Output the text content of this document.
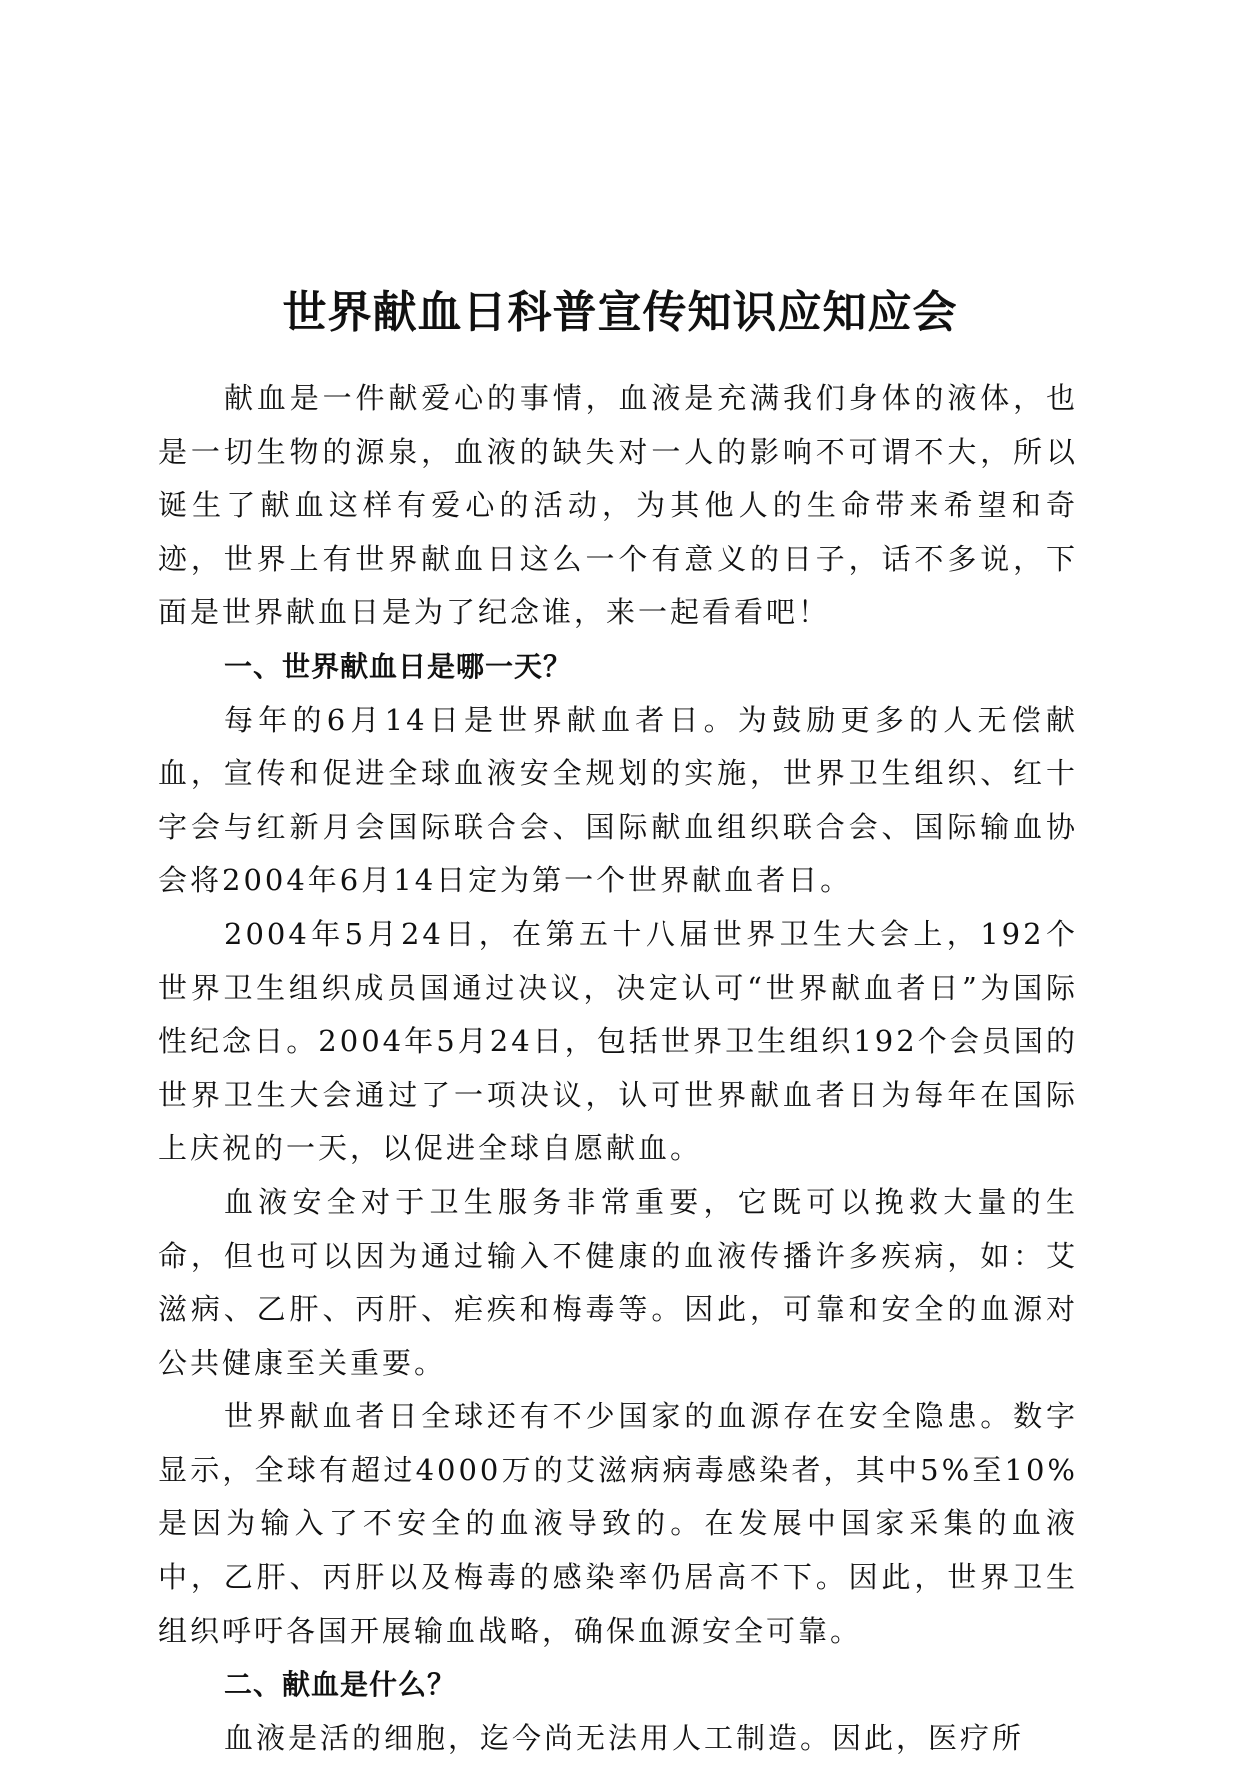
世界献血日科普宣传知识应知应会

献血是一件献爱心的事情，血液是充满我们身体的液体，也是一切生物的源泉，血液的缺失对一人的影响不可谓不大，所以诞生了献血这样有爱心的活动，为其他人的生命带来希望和奇迹，世界上有世界献血日这么一个有意义的日子，话不多说，下面是世界献血日是为了纪念谁，来一起看看吧！

一、世界献血日是哪一天？

每年的6月14日是世界献血者日。为鼓励更多的人无偿献血，宣传和促进全球血液安全规划的实施，世界卫生组织、红十字会与红新月会国际联合会、国际献血组织联合会、国际输血协会将2004年6月14日定为第一个世界献血者日。

2004年5月24日，在第五十八届世界卫生大会上，192个世界卫生组织成员国通过决议，决定认可“世界献血者日”为国际性纪念日。2004年5月24日，包括世界卫生组织192个会员国的世界卫生大会通过了一项决议，认可世界献血者日为每年在国际上庆祝的一天，以促进全球自愿献血。

血液安全对于卫生服务非常重要，它既可以挽救大量的生命，但也可以因为通过输入不健康的血液传播许多疾病，如：艾滋病、乙肝、丙肝、疟疾和梅毒等。因此，可靠和安全的血源对公共健康至关重要。

世界献血者日全球还有不少国家的血源存在安全隐患。数字显示，全球有超过4000万的艾滋病病毒感染者，其中5%至10%是因为输入了不安全的血液导致的。在发展中国家采集的血液中，乙肝、丙肝以及梅毒的感染率仍居高不下。因此，世界卫生组织呼吁各国开展输血战略，确保血源安全可靠。

二、献血是什么？

血液是活的细胞，迄今尚无法用人工制造。因此，医疗所
